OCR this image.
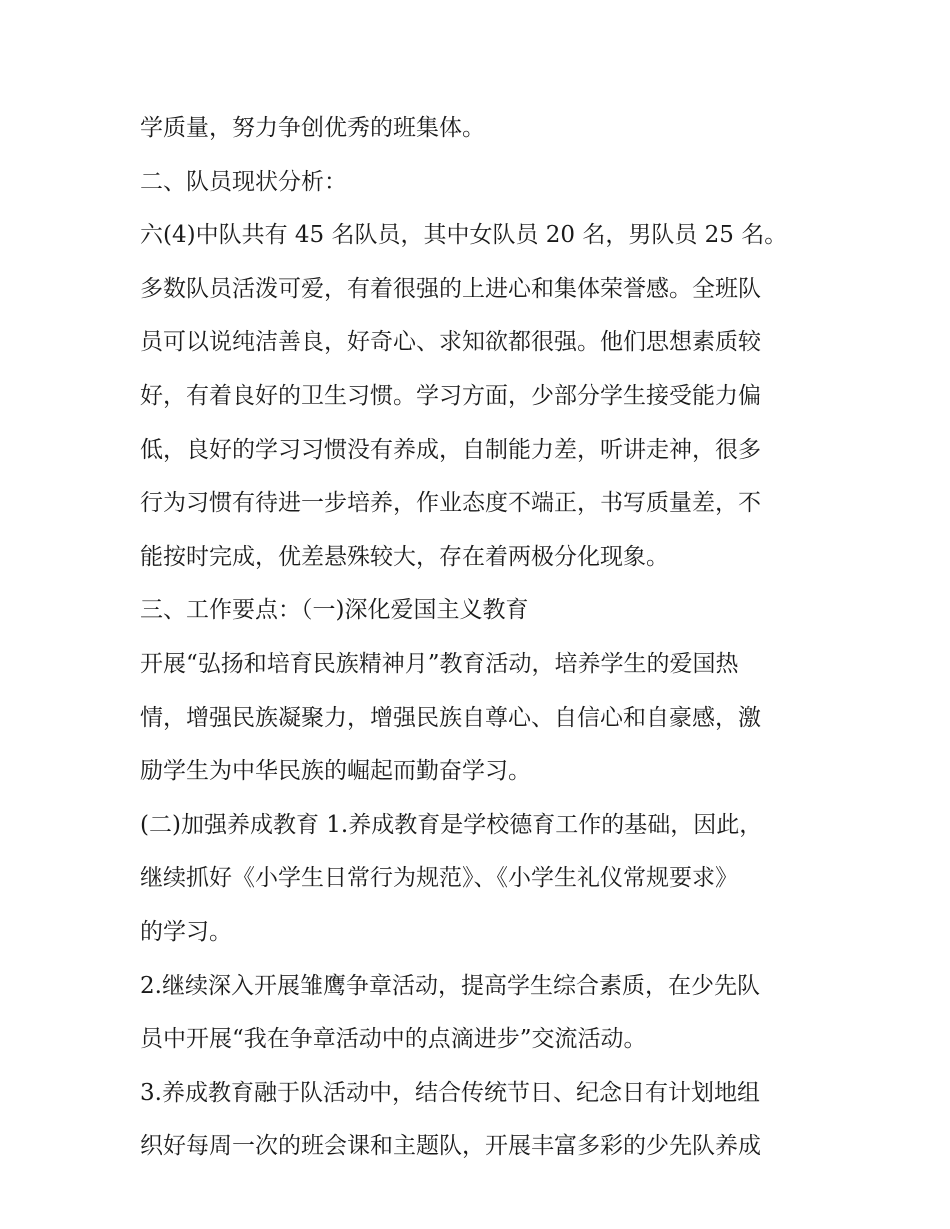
学质量，努力争创优秀的班集体。
二、队员现状分析：
六(4)中队共有 45 名队员，其中女队员 20 名，男队员 25 名。
多数队员活泼可爱，有着很强的上进心和集体荣誉感。全班队
员可以说纯洁善良，好奇心、求知欲都很强。他们思想素质较
好，有着良好的卫生习惯。学习方面，少部分学生接受能力偏
低，良好的学习习惯没有养成，自制能力差，听讲走神，很多
行为习惯有待进一步培养，作业态度不端正，书写质量差，不
能按时完成，优差悬殊较大，存在着两极分化现象。
三、工作要点：（一)深化爱国主义教育
开展“弘扬和培育民族精神月”教育活动，培养学生的爱国热
情，增强民族凝聚力，增强民族自尊心、自信心和自豪感，激
励学生为中华民族的崛起而勤奋学习。
(二)加强养成教育 1.养成教育是学校德育工作的基础，因此，
继续抓好《小学生日常行为规范》、《小学生礼仪常规要求》
的学习。
2.继续深入开展雏鹰争章活动，提高学生综合素质，在少先队
员中开展“我在争章活动中的点滴进步”交流活动。
3.养成教育融于队活动中，结合传统节日、纪念日有计划地组
织好每周一次的班会课和主题队，开展丰富多彩的少先队养成
